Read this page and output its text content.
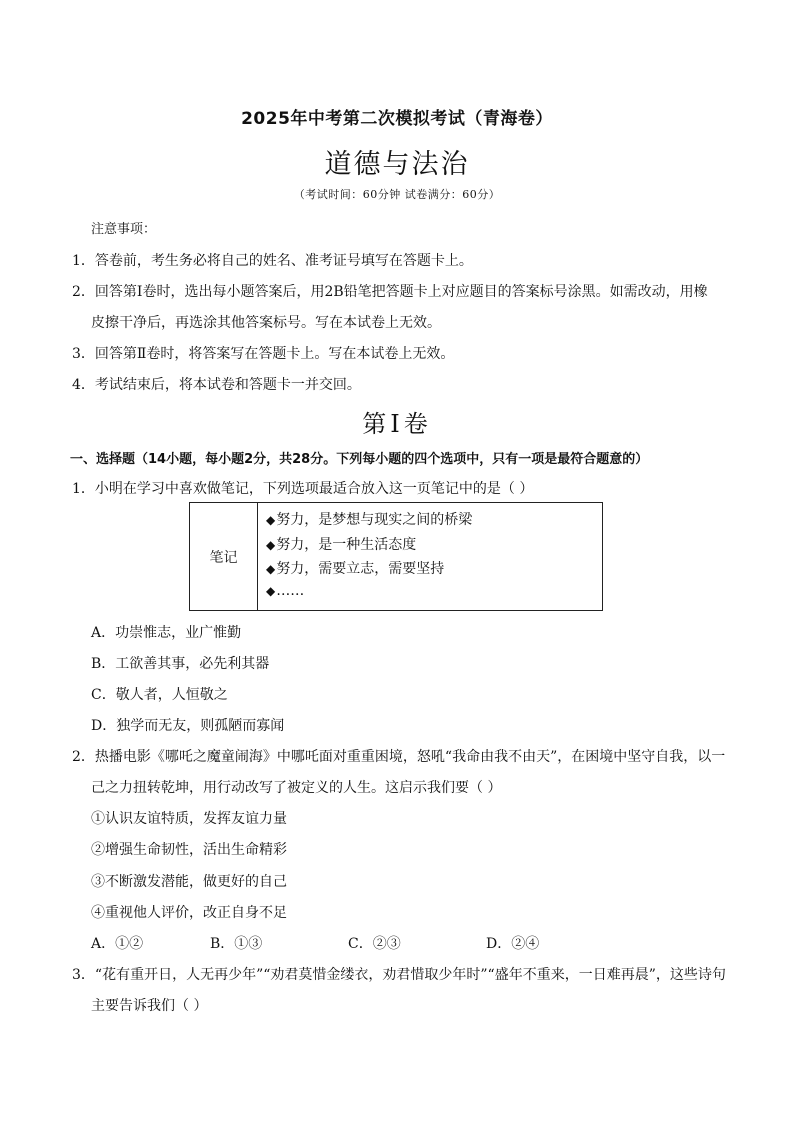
2025年中考第二次模拟考试（青海卷）
道德与法治
（考试时间：60分钟 试卷满分：60分）
注意事项：
1．答卷前，考生务必将自己的姓名、准考证号填写在答题卡上。
2．回答第Ⅰ卷时，选出每小题答案后，用2B铅笔把答题卡上对应题目的答案标号涂黑。如需改动，用橡
皮擦干净后，再选涂其他答案标号。写在本试卷上无效。
3．回答第Ⅱ卷时，将答案写在答题卡上。写在本试卷上无效。
4．考试结束后，将本试卷和答题卡一并交回。
第Ⅰ卷
一、选择题（14小题，每小题2分，共28分。下列每小题的四个选项中，只有一项是最符合题意的）
1．小明在学习中喜欢做笔记，下列选项最适合放入这一页笔记中的是（ ）
笔记
◆努力，是梦想与现实之间的桥梁
◆努力，是一种生活态度
◆努力，需要立志，需要坚持
◆……
A．功崇惟志，业广惟勤
B．工欲善其事，必先利其器
C．敬人者，人恒敬之
D．独学而无友，则孤陋而寡闻
2．热播电影《哪吒之魔童闹海》中哪吒面对重重困境，怒吼“我命由我不由天”，在困境中坚守自我，以一
己之力扭转乾坤，用行动改写了被定义的人生。这启示我们要（ ）
①认识友谊特质，发挥友谊力量
②增强生命韧性，活出生命精彩
③不断激发潜能，做更好的自己
④重视他人评价，改正自身不足
A．①②	B．①③	C．②③	D．②④
3．“花有重开日，人无再少年”“劝君莫惜金缕衣，劝君惜取少年时”“盛年不重来，一日难再晨”，这些诗句
主要告诉我们（ ）
